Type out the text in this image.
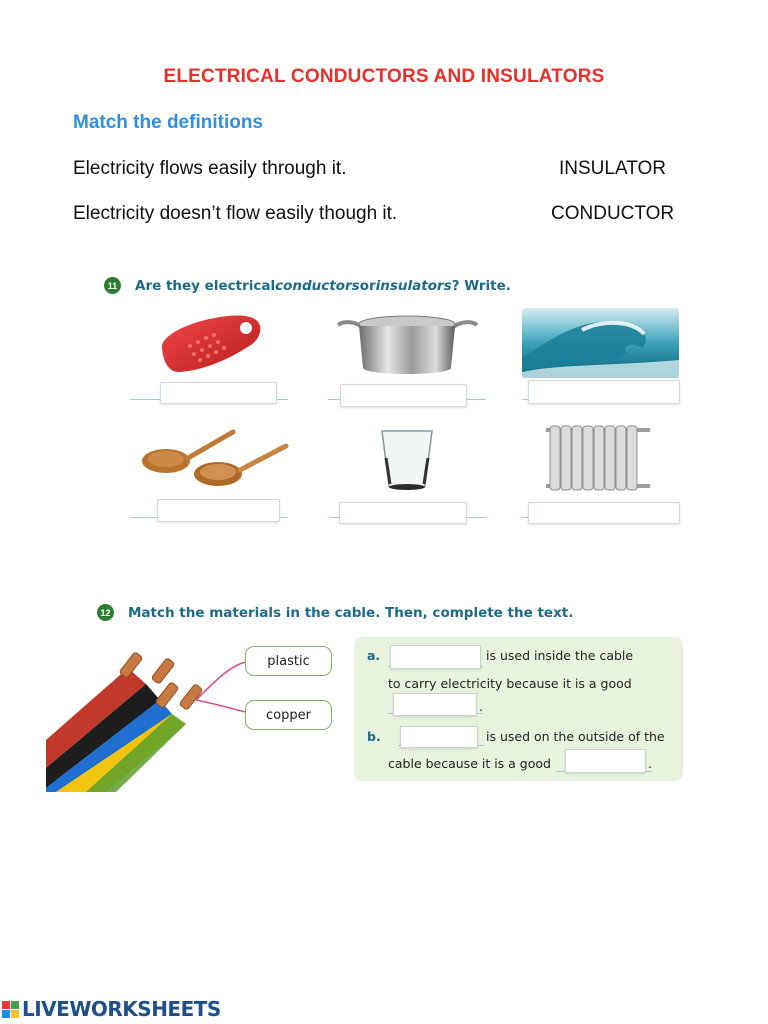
ELECTRICAL CONDUCTORS AND INSULATORS
Match the definitions
Electricity flows easily through it.	INSULATOR
Electricity doesn’t flow easily though it.	CONDUCTOR
11 Are they electrical conductors or insulators ? Write.
12 Match the materials in the cable. Then, complete the text.
plastic
copper
a.	is used inside the cable
to carry electricity because it is a good
.
b.	is used on the outside of the
cable because it is a good	.
LIVEWORKSHEETS
